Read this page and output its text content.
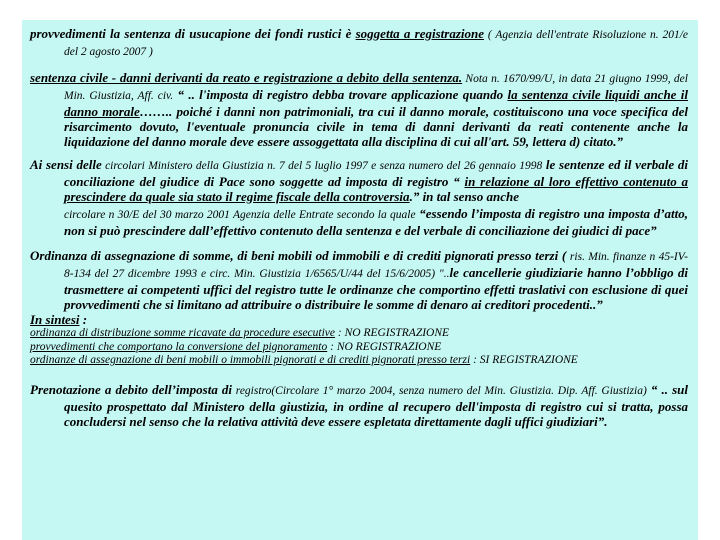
provvedimenti la sentenza di usucapione dei fondi rustici è soggetta a registrazione ( Agenzia dell'entrate Risoluzione n. 201/e del 2 agosto 2007 )

sentenza civile - danni derivanti da reato e registrazione a debito della sentenza. Nota n. 1670/99/U, in data 21 giugno 1999, del Min. Giustizia, Aff. civ. “ .. l'imposta di registro debba trovare applicazione quando la sentenza civile liquidi anche il danno morale…….. poiché i danni non patrimoniali, tra cui il danno morale, costituiscono una voce specifica del risarcimento dovuto, l'eventuale pronuncia civile in tema di danni derivanti da reati contenente anche la liquidazione del danno morale deve essere assoggettata alla disciplina di cui all'art. 59, lettera d) citato.”

Ai sensi delle circolari Ministero della Giustizia n. 7 del 5 luglio 1997 e senza numero del 26 gennaio 1998 le sentenze ed il verbale di conciliazione del giudice di Pace sono soggette ad imposta di registro “ in relazione al loro effettivo contenuto a prescindere da quale sia stato il regime fiscale della controversia.” in tal senso anche

circolare n 30/E del 30 marzo 2001 Agenzia delle Entrate secondo la quale “essendo l’imposta di registro una imposta d’atto, non si può prescindere dall’effettivo contenuto della sentenza e del verbale di conciliazione dei giudici di pace”

Ordinanza di assegnazione di somme, di beni mobili od immobili e di crediti pignorati presso terzi ( ris. Min. finanze n 45-IV-8-134 del 27 dicembre 1993 e circ. Min. Giustizia 1/6565/U/44 del 15/6/2005) "..le cancellerie giudiziarie hanno l’obbligo di trasmettere ai competenti uffici del registro tutte le ordinanze che comportino effetti traslativi con esclusione di quei provvedimenti che si limitano ad attribuire o distribuire le somme di denaro ai creditori procedenti..”

In sintesi :

ordinanza di distribuzione somme ricavate da procedure esecutive : NO REGISTRAZIONE

provvedimenti che comportano la conversione del pignoramento : NO REGISTRAZIONE

ordinanze di assegnazione di beni mobili o immobili pignorati e di crediti pignorati presso terzi : SI REGISTRAZIONE

Prenotazione a debito dell’imposta di registro(Circolare 1° marzo 2004, senza numero del Min. Giustizia. Dip. Aff. Giustizia) “ .. sul quesito prospettato dal Ministero della giustizia, in ordine al recupero dell'imposta di registro cui si tratta, possa concludersi nel senso che la relativa attività deve essere espletata direttamente dagli uffici giudiziari”.
